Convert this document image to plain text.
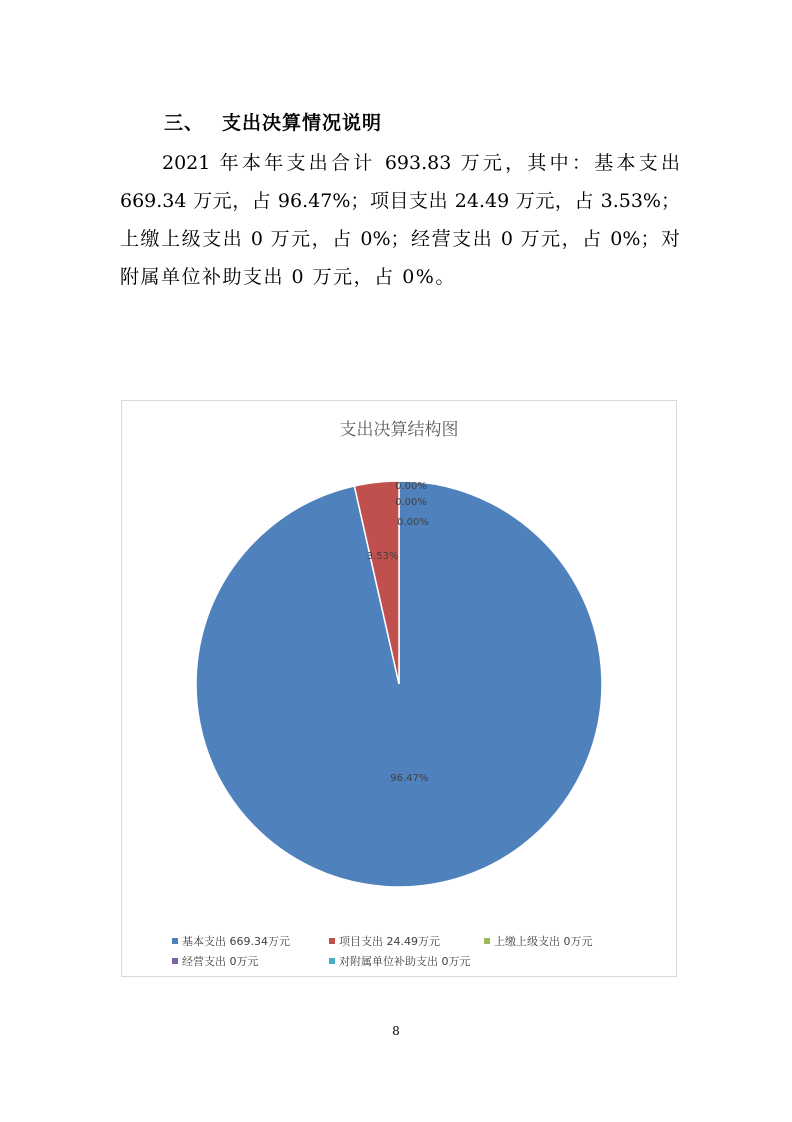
三、 支出决算情况说明
2021 年本年支出合计 693.83 万元，其中：基本支出
669.34 万元，占 96.47%；项目支出 24.49 万元，占 3.53%；
上缴上级支出 0 万元，占 0%；经营支出 0 万元，占 0%；对
附属单位补助支出 0 万元，占 0%。
支出决算结构图
96.47%
3.53%
0.00%
0.00%
0.00%
基本支出 669.34万元	项目支出 24.49万元	上缴上级支出 0万元
经营支出 0万元	对附属单位补助支出 0万元
8
